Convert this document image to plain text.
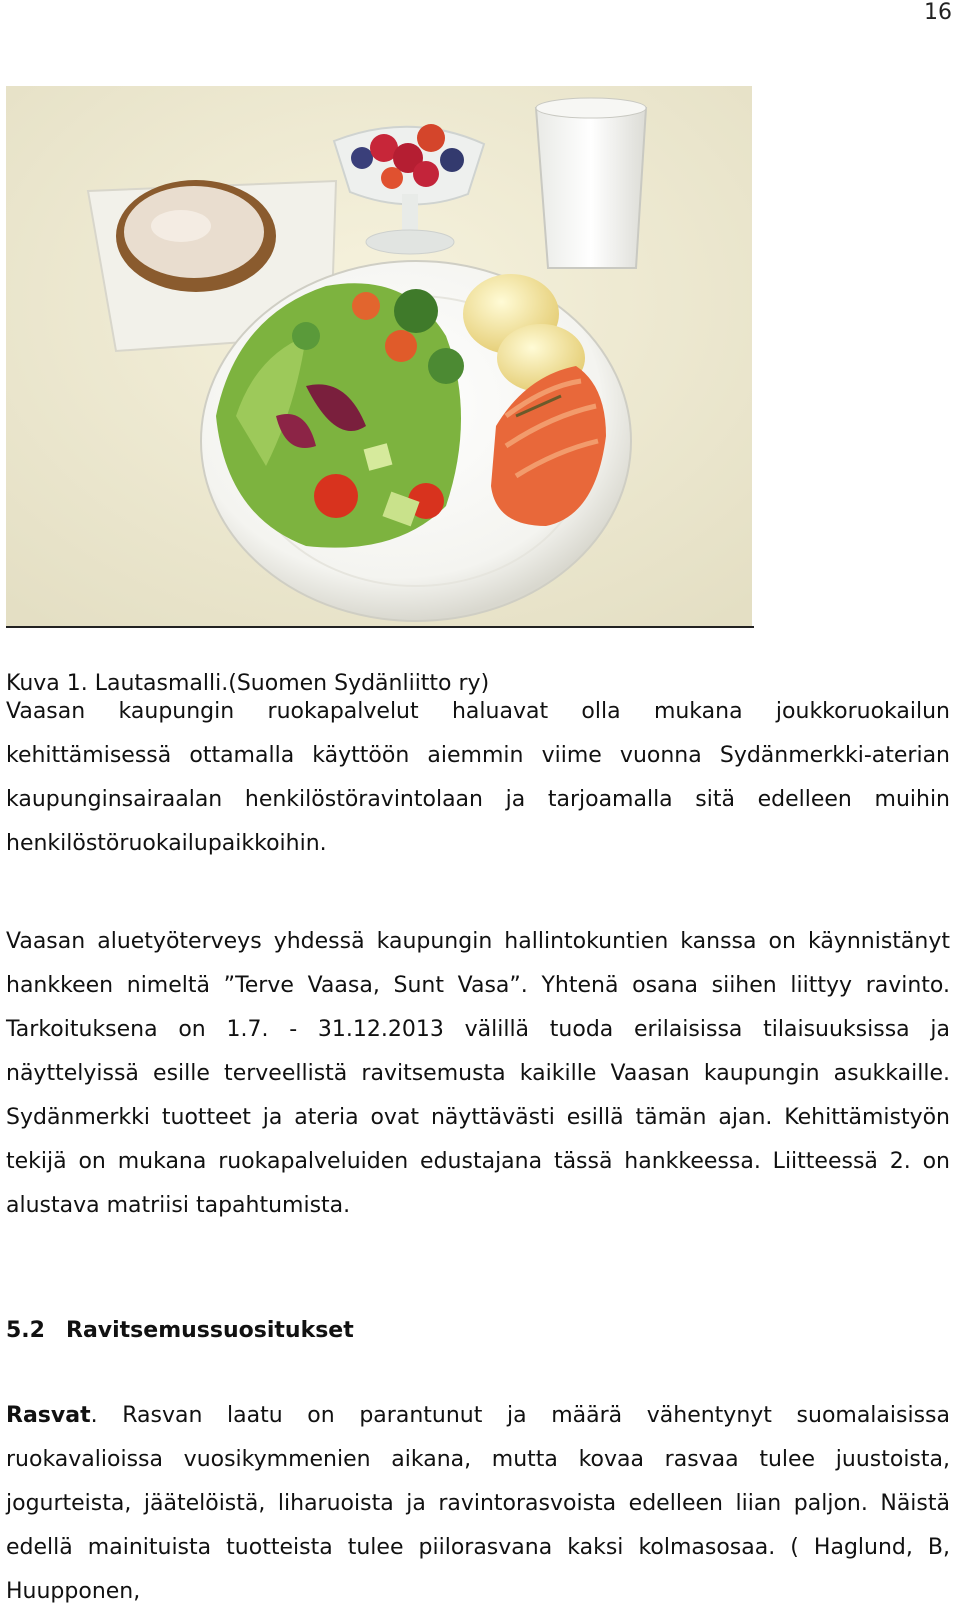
16
Kuva 1. Lautasmalli.(Suomen Sydänliitto ry)

Vaasan kaupungin ruokapalvelut haluavat olla mukana joukkoruokailun kehittämisessä ottamalla käyttöön aiemmin viime vuonna Sydänmerkki-aterian kaupunginsairaalan henkilöstöravintolaan ja tarjoamalla sitä edelleen muihin henkilöstöruokailupaikkoihin.

Vaasan aluetyöterveys yhdessä kaupungin hallintokuntien kanssa on käynnistänyt hankkeen nimeltä ”Terve Vaasa, Sunt Vasa”. Yhtenä osana siihen liittyy ravinto. Tarkoituksena on 1.7. - 31.12.2013 välillä tuoda erilaisissa tilaisuuksissa ja näyttelyissä esille terveellistä ravitsemusta kaikille Vaasan kaupungin asukkaille. Sydänmerkki tuotteet ja ateria ovat näyttävästi esillä tämän ajan. Kehittämistyön tekijä on mukana ruokapalveluiden edustajana tässä hankkeessa. Liitteessä 2. on alustava matriisi tapahtumista.

5.2 Ravitsemussuositukset

Rasvat. Rasvan laatu on parantunut ja määrä vähentynyt suomalaisissa ruokavalioissa vuosikymmenien aikana, mutta kovaa rasvaa tulee juustoista, jogurteista, jäätelöistä, liharuoista ja ravintorasvoista edelleen liian paljon. Näistä edellä mainituista tuotteista tulee piilorasvana kaksi kolmasosaa. ( Haglund, B, Huupponen,
